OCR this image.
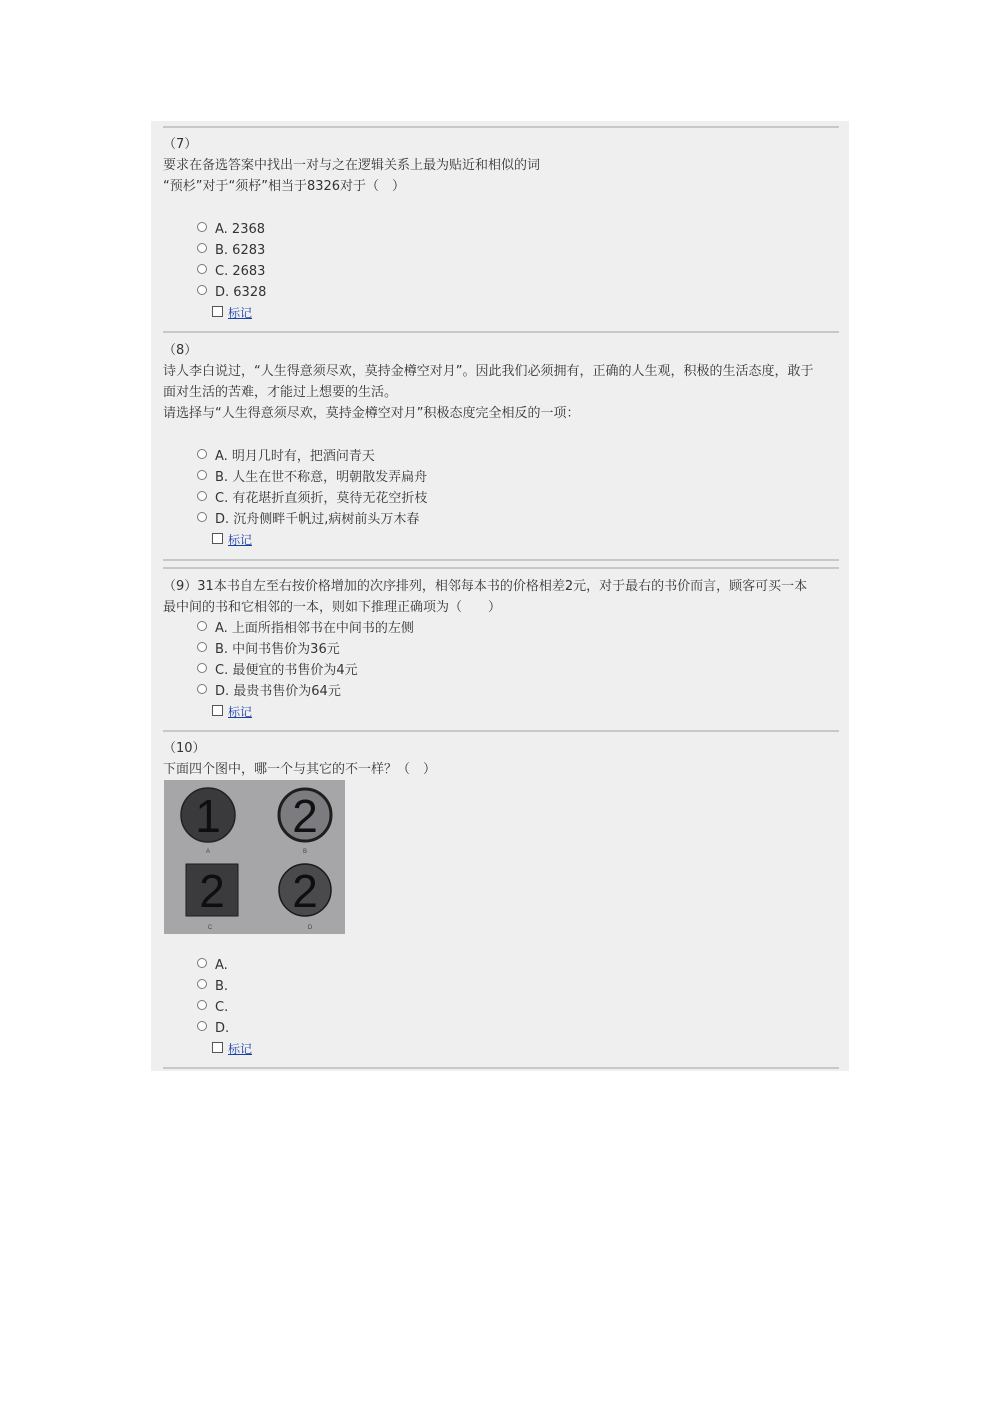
（7）
要求在备选答案中找出一对与之在逻辑关系上最为贴近和相似的词
“预杉”对于“须杼”相当于8326对于（　）
A. 2368
B. 6283
C. 2683
D. 6328
标记
（8）
诗人李白说过，“人生得意须尽欢，莫持金樽空对月”。因此我们必须拥有，正确的人生观，积极的生活态度，敢于
面对生活的苦难，才能过上想要的生活。
请选择与“人生得意须尽欢，莫持金樽空对月”积极态度完全相反的一项：
A. 明月几时有，把酒问青天
B. 人生在世不称意，明朝散发弄扁舟
C. 有花堪折直须折，莫待无花空折枝
D. 沉舟侧畔千帆过,病树前头万木春
标记
（9）31本书自左至右按价格增加的次序排列，相邻每本书的价格相差2元，对于最右的书价而言，顾客可买一本
最中间的书和它相邻的一本，则如下推理正确项为（　　）
A. 上面所指相邻书在中间书的左侧
B. 中间书售价为36元
C. 最便宜的书售价为4元
D. 最贵书售价为64元
标记
（10）
下面四个图中，哪一个与其它的不一样？（　）
1 2
2 2
A	B
C	D
A.
B.
C.
D.
标记
